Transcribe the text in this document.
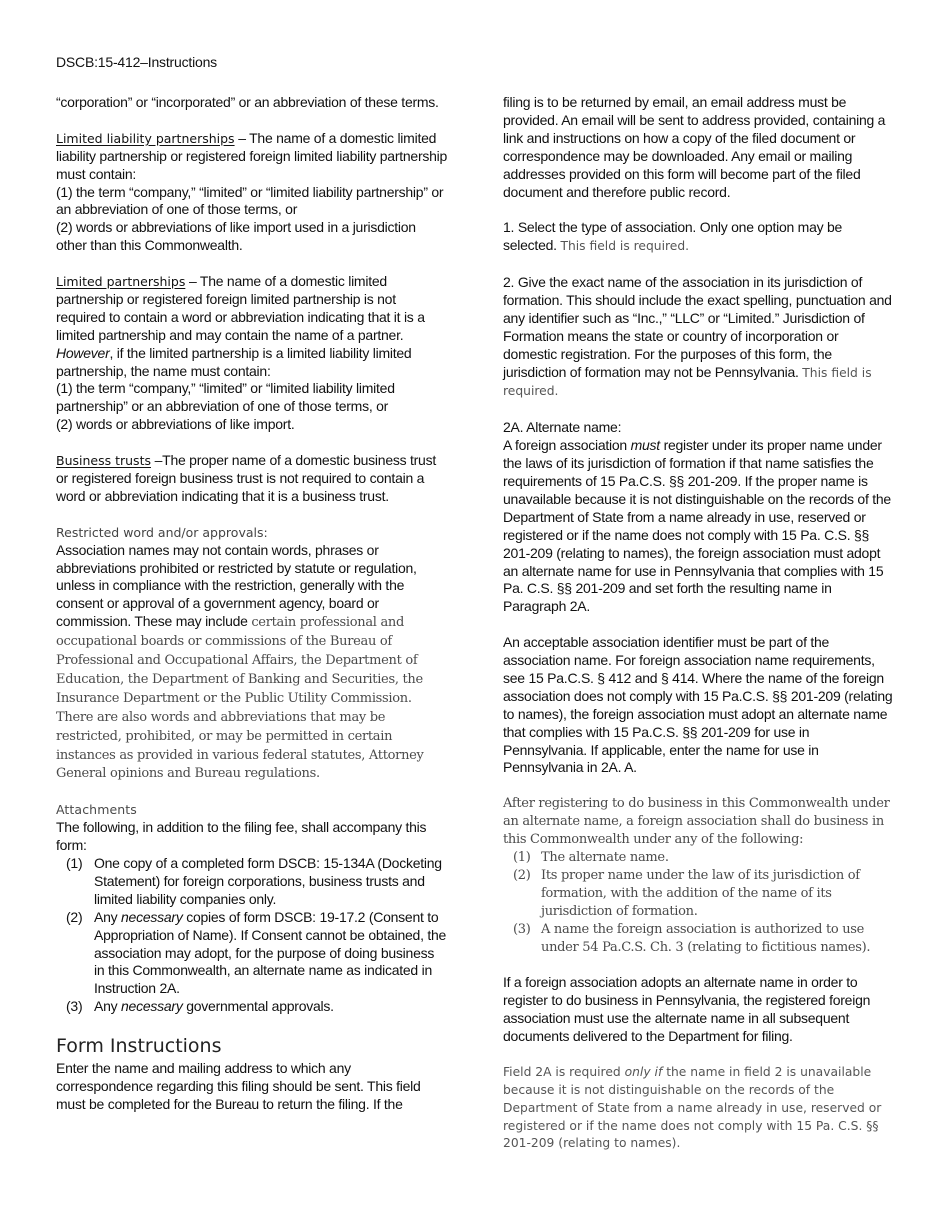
DSCB:15-412–Instructions

“corporation” or “incorporated” or an abbreviation of these terms.

Limited liability partnerships – The name of a domestic limited liability partnership or registered foreign limited liability partnership must contain:
(1) the term “company,” “limited” or “limited liability partnership” or an abbreviation of one of those terms, or
(2) words or abbreviations of like import used in a jurisdiction other than this Commonwealth.

Limited partnerships – The name of a domestic limited partnership or registered foreign limited partnership is not required to contain a word or abbreviation indicating that it is a limited partnership and may contain the name of a partner. However, if the limited partnership is a limited liability limited partnership, the name must contain:
(1) the term “company,” “limited” or “limited liability limited partnership” or an abbreviation of one of those terms, or
(2) words or abbreviations of like import.

Business trusts –The proper name of a domestic business trust or registered foreign business trust is not required to contain a word or abbreviation indicating that it is a business trust.

Restricted word and/or approvals:
Association names may not contain words, phrases or abbreviations prohibited or restricted by statute or regulation, unless in compliance with the restriction, generally with the consent or approval of a government agency, board or commission. These may include certain professional and occupational boards or commissions of the Bureau of Professional and Occupational Affairs, the Department of Education, the Department of Banking and Securities, the Insurance Department or the Public Utility Commission. There are also words and abbreviations that may be restricted, prohibited, or may be permitted in certain instances as provided in various federal statutes, Attorney General opinions and Bureau regulations.

Attachments
The following, in addition to the filing fee, shall accompany this form:
(1) One copy of a completed form DSCB: 15-134A (Docketing Statement) for foreign corporations, business trusts and limited liability companies only.
(2) Any necessary copies of form DSCB: 19-17.2 (Consent to Appropriation of Name). If Consent cannot be obtained, the association may adopt, for the purpose of doing business in this Commonwealth, an alternate name as indicated in Instruction 2A.
(3) Any necessary governmental approvals.
Form Instructions
Enter the name and mailing address to which any correspondence regarding this filing should be sent. This field must be completed for the Bureau to return the filing. If the

filing is to be returned by email, an email address must be provided. An email will be sent to address provided, containing a link and instructions on how a copy of the filed document or correspondence may be downloaded. Any email or mailing addresses provided on this form will become part of the filed document and therefore public record.

1. Select the type of association. Only one option may be selected. This field is required.

2. Give the exact name of the association in its jurisdiction of formation. This should include the exact spelling, punctuation and any identifier such as “Inc.,” “LLC” or “Limited.” Jurisdiction of Formation means the state or country of incorporation or domestic registration. For the purposes of this form, the jurisdiction of formation may not be Pennsylvania. This field is required.

2A. Alternate name:
A foreign association must register under its proper name under the laws of its jurisdiction of formation if that name satisfies the requirements of 15 Pa.C.S. §§ 201-209. If the proper name is unavailable because it is not distinguishable on the records of the Department of State from a name already in use, reserved or registered or if the name does not comply with 15 Pa. C.S. §§ 201-209 (relating to names), the foreign association must adopt an alternate name for use in Pennsylvania that complies with 15 Pa. C.S. §§ 201-209 and set forth the resulting name in Paragraph 2A.

An acceptable association identifier must be part of the association name. For foreign association name requirements, see 15 Pa.C.S. § 412 and § 414. Where the name of the foreign association does not comply with 15 Pa.C.S. §§ 201-209 (relating to names), the foreign association must adopt an alternate name that complies with 15 Pa.C.S. §§ 201-209 for use in Pennsylvania. If applicable, enter the name for use in Pennsylvania in 2A. A.

After registering to do business in this Commonwealth under an alternate name, a foreign association shall do business in this Commonwealth under any of the following:
(1) The alternate name.
(2) Its proper name under the law of its jurisdiction of formation, with the addition of the name of its jurisdiction of formation.
(3) A name the foreign association is authorized to use under 54 Pa.C.S. Ch. 3 (relating to fictitious names).

If a foreign association adopts an alternate name in order to register to do business in Pennsylvania, the registered foreign association must use the alternate name in all subsequent documents delivered to the Department for filing.

Field 2A is required only if the name in field 2 is unavailable because it is not distinguishable on the records of the Department of State from a name already in use, reserved or registered or if the name does not comply with 15 Pa. C.S. §§ 201-209 (relating to names).
